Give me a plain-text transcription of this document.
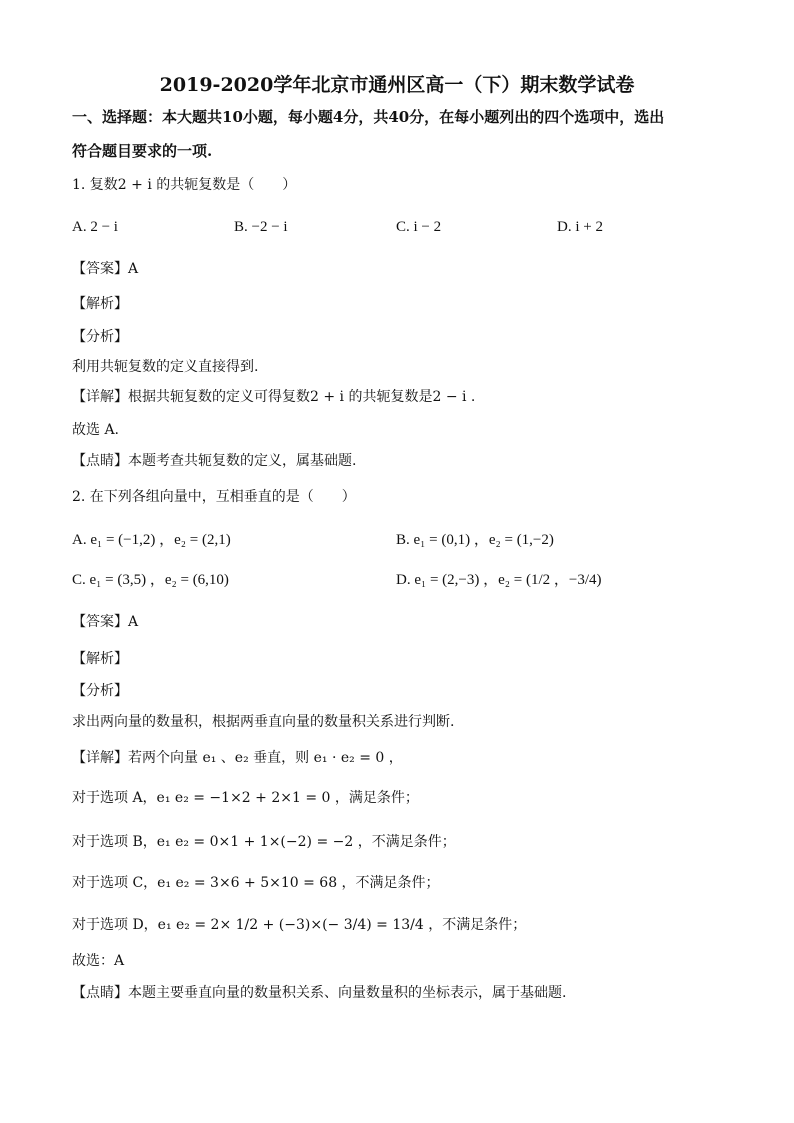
2019-2020学年北京市通州区高一（下）期末数学试卷
一、选择题：本大题共10小题，每小题4分，共40分，在每小题列出的四个选项中，选出
符合题目要求的一项.
1. 复数2 + i 的共轭复数是（　　）
A. 2 − i	B. −2 − i	C. i − 2	D. i + 2
【答案】A
【解析】
【分析】
利用共轭复数的定义直接得到.
【详解】根据共轭复数的定义可得复数2 + i 的共轭复数是2 − i .
故选 A.
【点睛】本题考查共轭复数的定义，属基础题.
2. 在下列各组向量中，互相垂直的是（　　）
A. e₁ = (−1,2) ，e₂ = (2,1)	B. e₁ = (0,1) ，e₂ = (1,−2)
C. e₁ = (3,5) ，e₂ = (6,10)	D. e₁ = (2,−3) ，e₂ = (1/2 ，−3/4)
【答案】A
【解析】
【分析】
求出两向量的数量积，根据两垂直向量的数量积关系进行判断.
【详解】若两个向量 e₁ 、e₂ 垂直，则 e₁ · e₂ = 0 ，
对于选项 A，e₁ e₂ = −1×2 + 2×1 = 0 ，满足条件；
对于选项 B，e₁ e₂ = 0×1 + 1×(−2) = −2 ，不满足条件；
对于选项 C，e₁ e₂ = 3×6 + 5×10 = 68 ，不满足条件；
对于选项 D，e₁ e₂ = 2× 1/2 + (−3)×(− 3/4) = 13/4 ，不满足条件；
故选：A
【点睛】本题主要垂直向量的数量积关系、向量数量积的坐标表示，属于基础题.
